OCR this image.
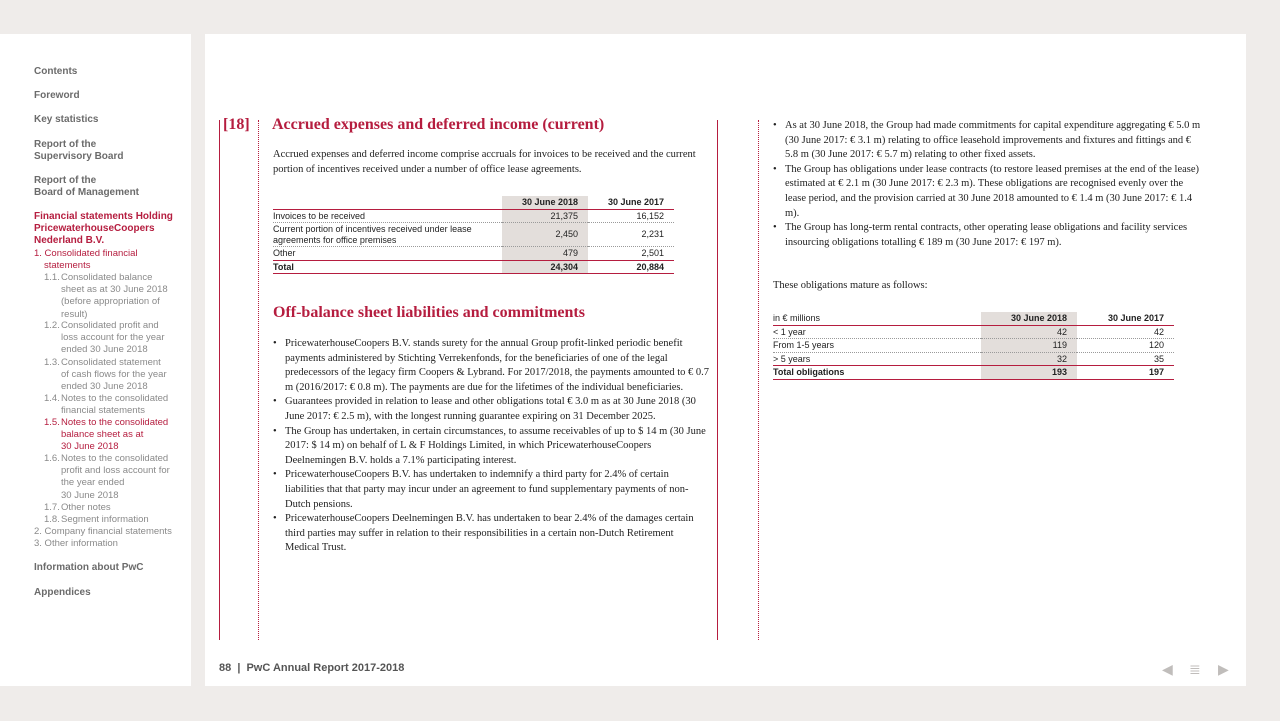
Contents
Foreword
Key statistics
Report of the
Supervisory Board
Report of the
Board of Management
Financial statements Holding
PricewaterhouseCoopers
Nederland B.V.
1. Consolidated financial
statements
1.1. Consolidated balance
sheet as at 30 June 2018
(before appropriation of
result)
1.2. Consolidated profit and
loss account for the year
ended 30 June 2018
1.3. Consolidated statement
of cash flows for the year
ended 30 June 2018
1.4. Notes to the consolidated
financial statements
1.5. Notes to the consolidated
balance sheet as at
30 June 2018
1.6. Notes to the consolidated
profit and loss account for
the year ended
30 June 2018
1.7. Other notes
1.8. Segment information
2. Company financial statements
3. Other information
Information about PwC
Appendices
[18] Accrued expenses and deferred income (current)
Accrued expenses and deferred income comprise accruals for invoices to be received and the current portion of incentives received under a number of office lease agreements.
	30 June 2018	30 June 2017
Invoices to be received	21,375	16,152
Current portion of incentives received under lease agreements for office premises	2,450	2,231
Other	479	2,501
Total	24,304	20,884
Off-balance sheet liabilities and commitments
• PricewaterhouseCoopers B.V. stands surety for the annual Group profit-linked periodic benefit payments administered by Stichting Verrekenfonds, for the beneficiaries of one of the legal predecessors of the legacy firm Coopers & Lybrand. For 2017/2018, the payments amounted to € 0.7 m (2016/2017: € 0.8 m). The payments are due for the lifetimes of the individual beneficiaries.
• Guarantees provided in relation to lease and other obligations total € 3.0 m as at 30 June 2018 (30 June 2017: € 2.5 m), with the longest running guarantee expiring on 31 December 2025.
• The Group has undertaken, in certain circumstances, to assume receivables of up to $ 14 m (30 June 2017: $ 14 m) on behalf of L & F Holdings Limited, in which PricewaterhouseCoopers Deelnemingen B.V. holds a 7.1% participating interest.
• PricewaterhouseCoopers B.V. has undertaken to indemnify a third party for 2.4% of certain liabilities that that party may incur under an agreement to fund supplementary payments of non-Dutch pensions.
• PricewaterhouseCoopers Deelnemingen B.V. has undertaken to bear 2.4% of the damages certain third parties may suffer in relation to their responsibilities in a certain non-Dutch Retirement Medical Trust.
• As at 30 June 2018, the Group had made commitments for capital expenditure aggregating € 5.0 m (30 June 2017: € 3.1 m) relating to office leasehold improvements and fixtures and fittings and € 5.8 m (30 June 2017: € 5.7 m) relating to other fixed assets.
• The Group has obligations under lease contracts (to restore leased premises at the end of the lease) estimated at € 2.1 m (30 June 2017: € 2.3 m). These obligations are recognised evenly over the lease period, and the provision carried at 30 June 2018 amounted to € 1.4 m (30 June 2017: € 1.4 m).
• The Group has long-term rental contracts, other operating lease obligations and facility services insourcing obligations totalling € 189 m (30 June 2017: € 197 m).
These obligations mature as follows:
in € millions	30 June 2018	30 June 2017
< 1 year	42	42
From 1-5 years	119	120
> 5 years	32	35
Total obligations	193	197
88 | PwC Annual Report 2017-2018	◀ ≣ ▶
